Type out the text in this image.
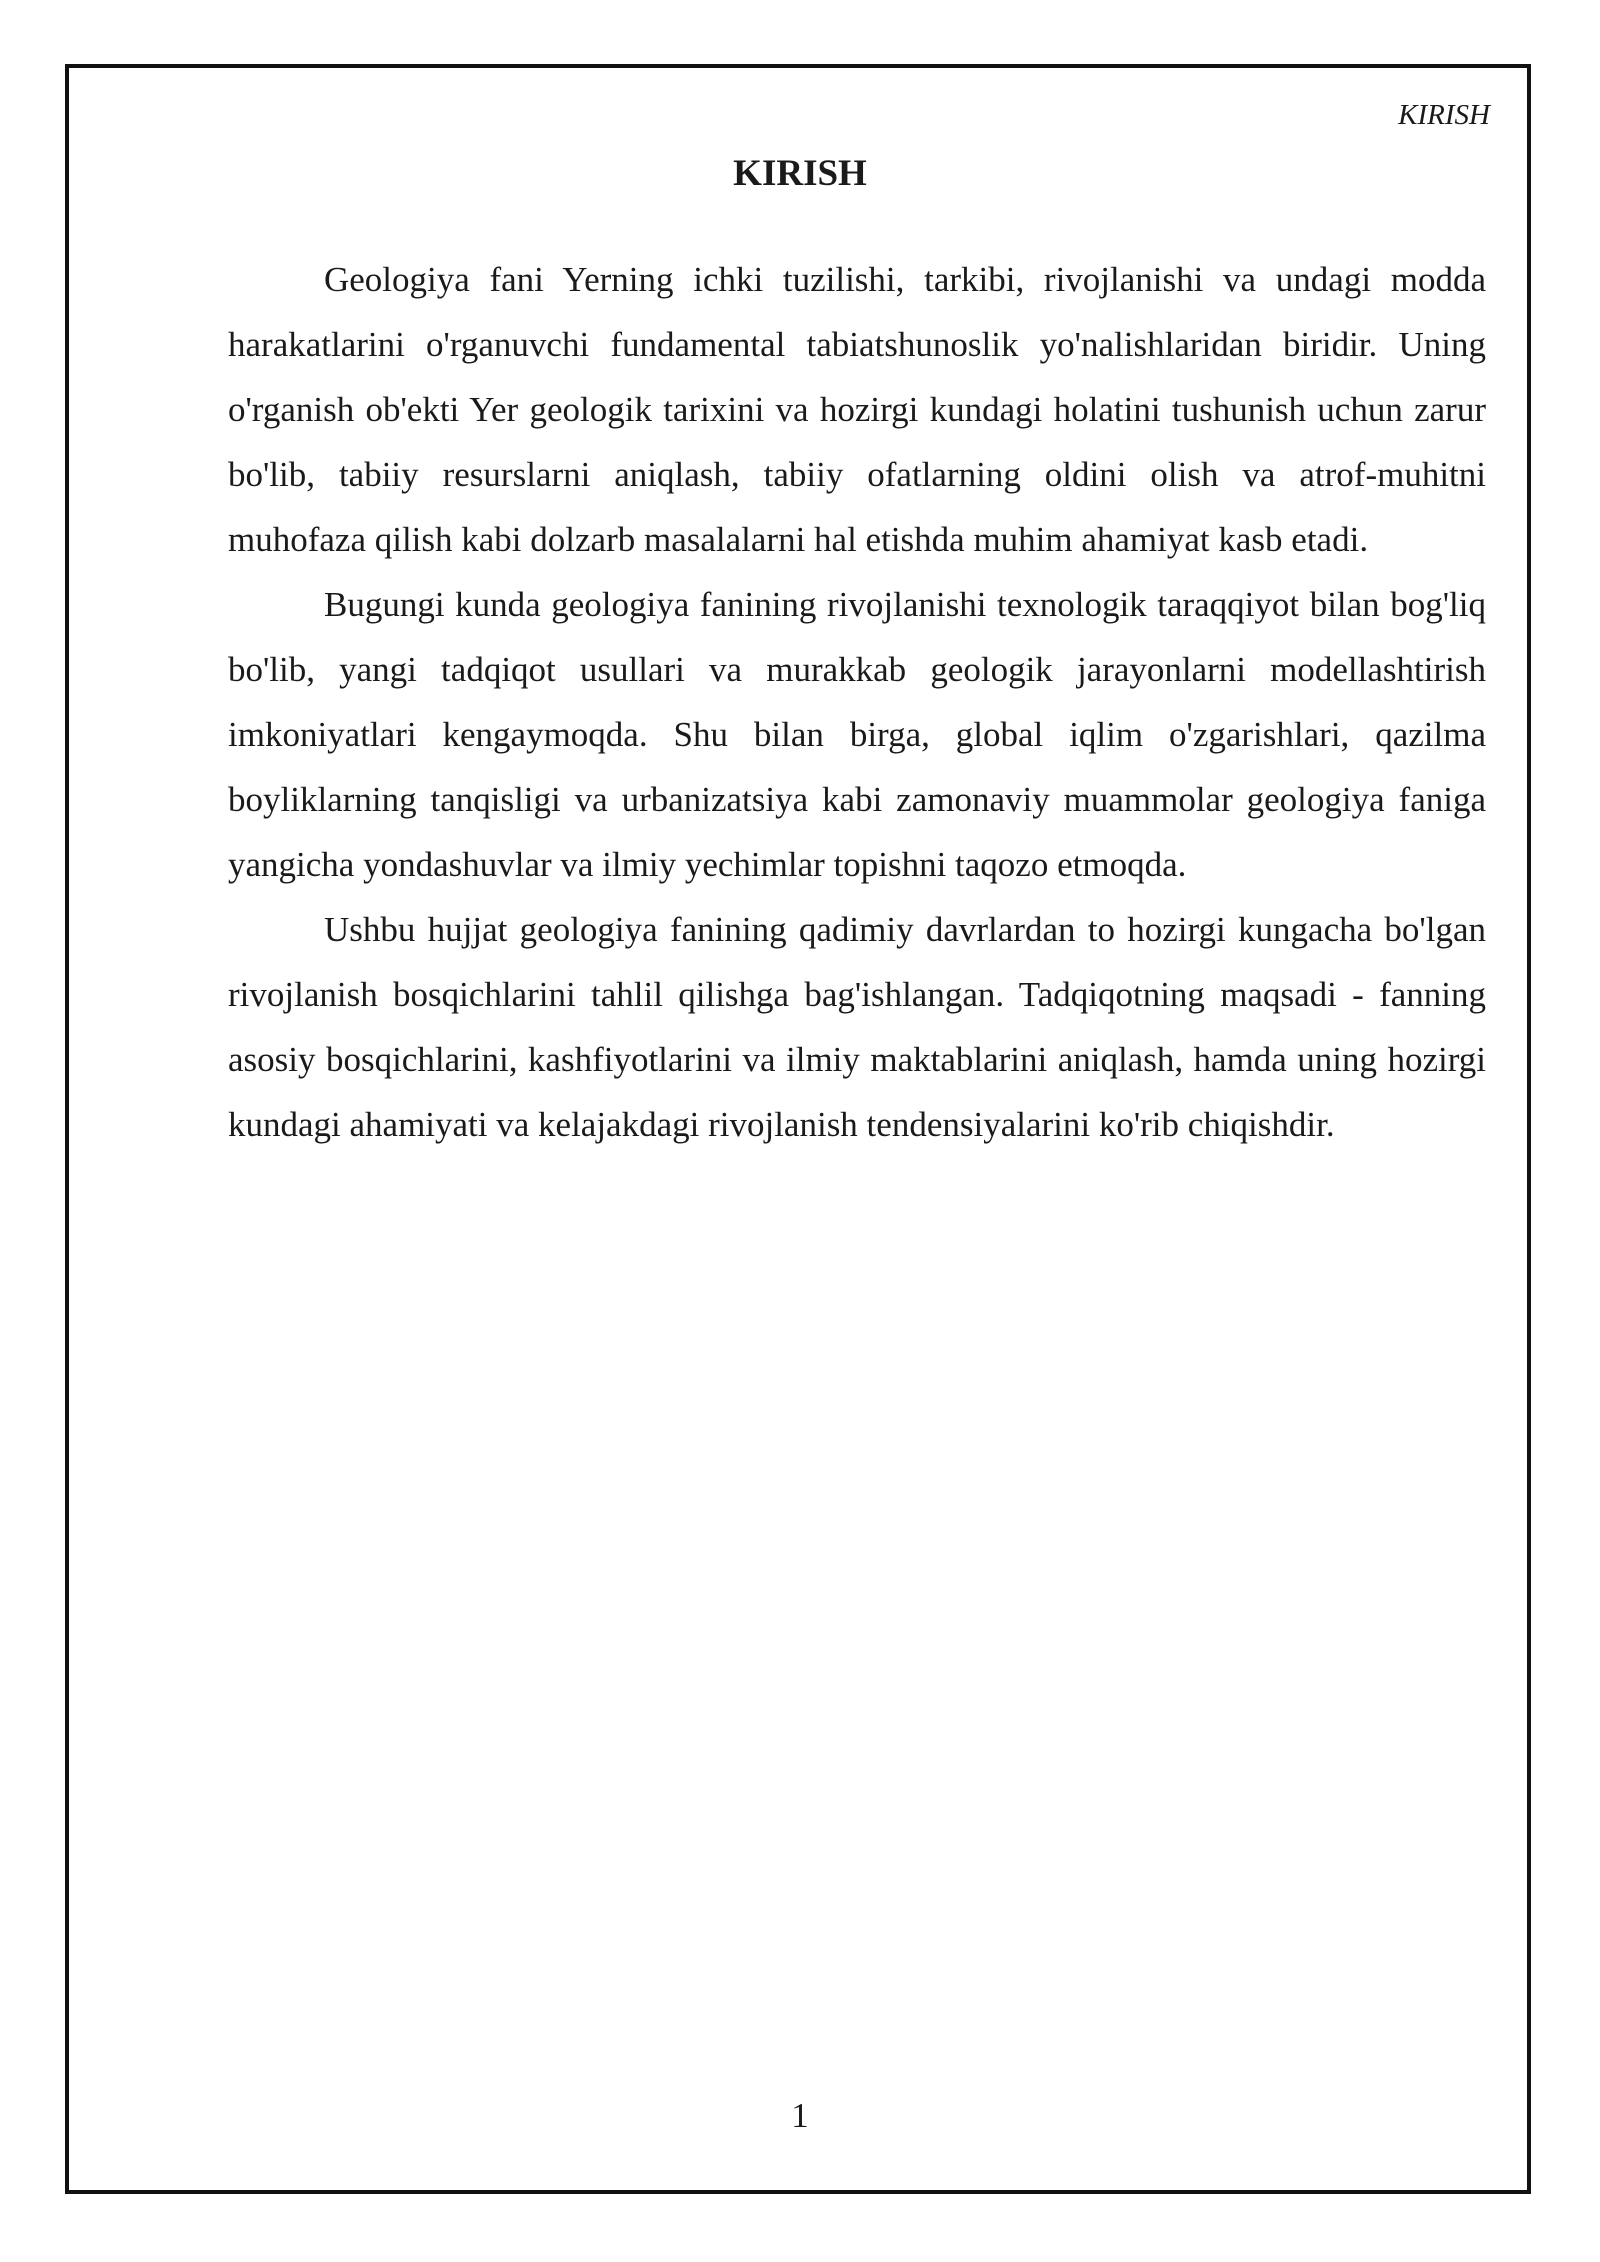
KIRISH
KIRISH

Geologiya fani Yerning ichki tuzilishi, tarkibi, rivojlanishi va undagi modda harakatlarini o'rganuvchi fundamental tabiatshunoslik yo'nalishlaridan biridir. Uning o'rganish ob'ekti Yer geologik tarixini va hozirgi kundagi holatini tushunish uchun zarur bo'lib, tabiiy resurslarni aniqlash, tabiiy ofatlarning oldini olish va atrof-muhitni muhofaza qilish kabi dolzarb masalalarni hal etishda muhim ahamiyat kasb etadi.

Bugungi kunda geologiya fanining rivojlanishi texnologik taraqqiyot bilan bog'liq bo'lib, yangi tadqiqot usullari va murakkab geologik jarayonlarni modellashtirish imkoniyatlari kengaymoqda. Shu bilan birga, global iqlim o'zgarishlari, qazilma boyliklarning tanqisligi va urbanizatsiya kabi zamonaviy muammolar geologiya faniga yangicha yondashuvlar va ilmiy yechimlar topishni taqozo etmoqda.

Ushbu hujjat geologiya fanining qadimiy davrlardan to hozirgi kungacha bo'lgan rivojlanish bosqichlarini tahlil qilishga bag'ishlangan. Tadqiqotning maqsadi - fanning asosiy bosqichlarini, kashfiyotlarini va ilmiy maktablarini aniqlash, hamda uning hozirgi kundagi ahamiyati va kelajakdagi rivojlanish tendensiyalarini ko'rib chiqishdir.

1
